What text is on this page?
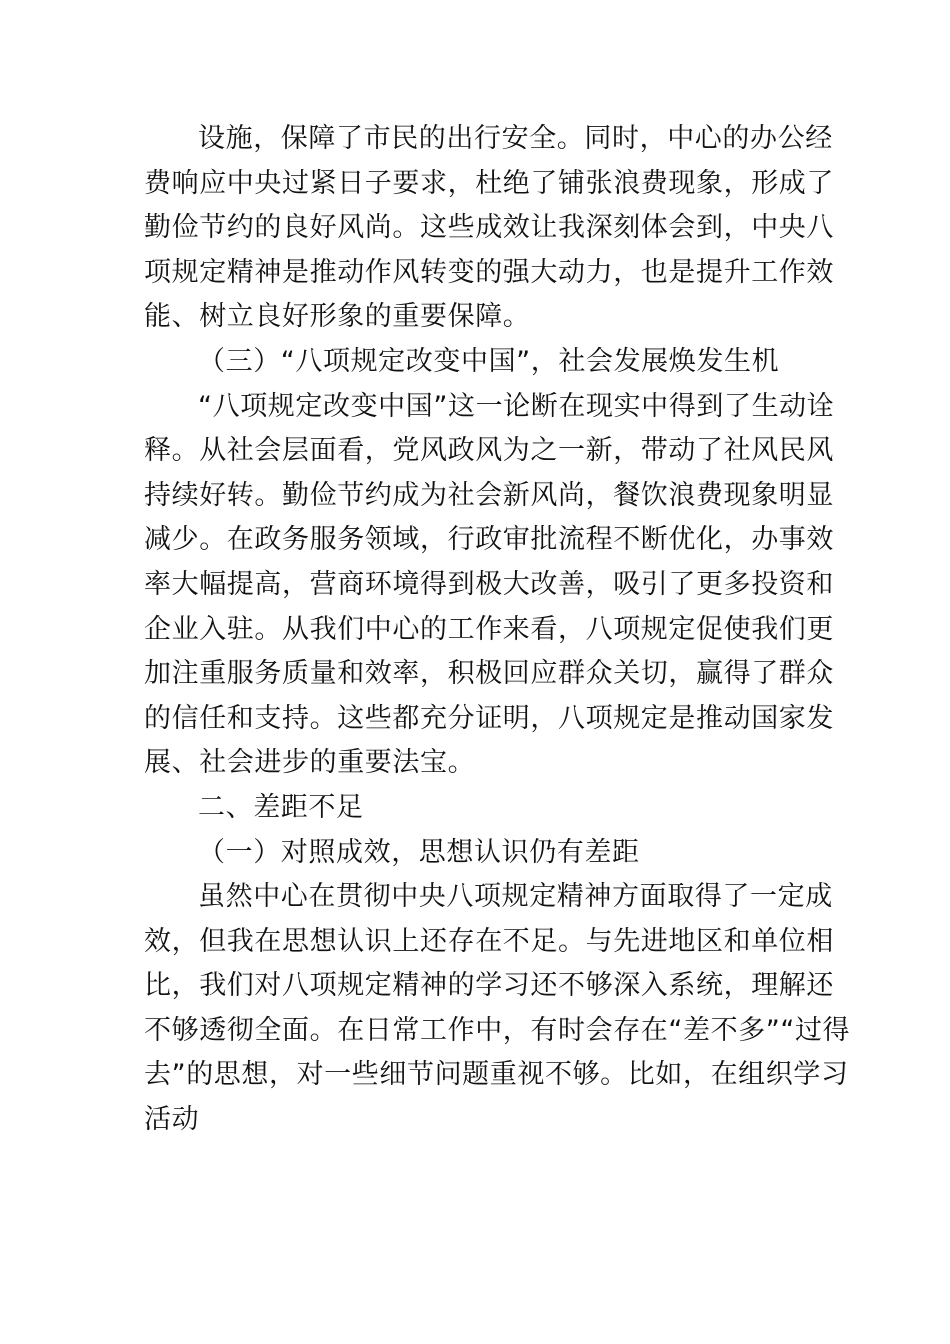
设施，保障了市民的出行安全。同时，中心的办公经
费响应中央过紧日子要求，杜绝了铺张浪费现象，形成了
勤俭节约的良好风尚。这些成效让我深刻体会到，中央八
项规定精神是推动作风转变的强大动力，也是提升工作效
能、树立良好形象的重要保障。
（三）“八项规定改变中国”，社会发展焕发生机
“八项规定改变中国”这一论断在现实中得到了生动诠
释。从社会层面看，党风政风为之一新，带动了社风民风
持续好转。勤俭节约成为社会新风尚，餐饮浪费现象明显
减少。在政务服务领域，行政审批流程不断优化，办事效
率大幅提高，营商环境得到极大改善，吸引了更多投资和
企业入驻。从我们中心的工作来看，八项规定促使我们更
加注重服务质量和效率，积极回应群众关切，赢得了群众
的信任和支持。这些都充分证明，八项规定是推动国家发
展、社会进步的重要法宝。
二、差距不足
（一）对照成效，思想认识仍有差距
虽然中心在贯彻中央八项规定精神方面取得了一定成
效，但我在思想认识上还存在不足。与先进地区和单位相
比，我们对八项规定精神的学习还不够深入系统，理解还
不够透彻全面。在日常工作中，有时会存在“差不多”“过得
去”的思想，对一些细节问题重视不够。比如，在组织学习
活动
